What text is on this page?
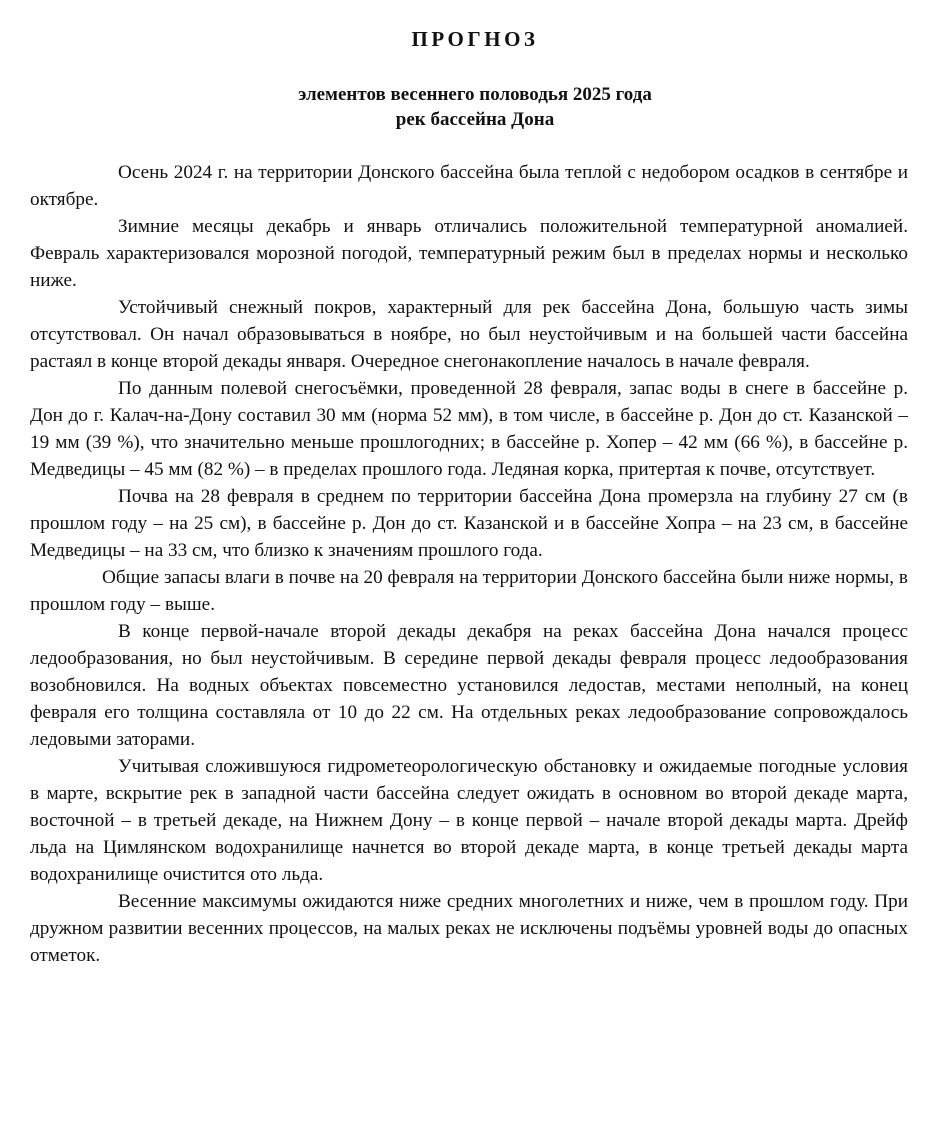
ПРОГНОЗ
элементов весеннего половодья 2025 года
рек бассейна Дона

Осень 2024 г. на территории Донского бассейна была теплой с недобором осадков в сентябре и октябре.

Зимние месяцы декабрь и январь отличались положительной температурной аномалией. Февраль характеризовался морозной погодой, температурный режим был в пределах нормы и несколько ниже.

Устойчивый снежный покров, характерный для рек бассейна Дона, большую часть зимы отсутствовал. Он начал образовываться в ноябре, но был неустойчивым и на большей части бассейна растаял в конце второй декады января. Очередное снегонакопление началось в начале февраля.

По данным полевой снегосъёмки, проведенной 28 февраля, запас воды в снеге в бассейне р. Дон до г. Калач-на-Дону составил 30 мм (норма 52 мм), в том числе, в бассейне р. Дон до ст. Казанской – 19 мм (39 %), что значительно меньше прошлогодних; в бассейне р. Хопер – 42 мм (66 %), в бассейне р. Медведицы – 45 мм (82 %) – в пределах прошлого года. Ледяная корка, притертая к почве, отсутствует.

Почва на 28 февраля в среднем по территории бассейна Дона промерзла на глубину 27 см (в прошлом году – на 25 см), в бассейне р. Дон до ст. Казанской и в бассейне Хопра – на 23 см, в бассейне Медведицы – на 33 см, что близко к значениям прошлого года.

Общие запасы влаги в почве на 20 февраля на территории Донского бассейна были ниже нормы, в прошлом году – выше.

В конце первой-начале второй декады декабря на реках бассейна Дона начался процесс ледообразования, но был неустойчивым. В середине первой декады февраля процесс ледообразования возобновился. На водных объектах повсеместно установился ледостав, местами неполный, на конец февраля его толщина составляла от 10 до 22 см. На отдельных реках ледообразование сопровождалось ледовыми заторами.

Учитывая сложившуюся гидрометеорологическую обстановку и ожидаемые погодные условия в марте, вскрытие рек в западной части бассейна следует ожидать в основном во второй декаде марта, восточной – в третьей декаде, на Нижнем Дону – в конце первой – начале второй декады марта. Дрейф льда на Цимлянском водохранилище начнется во второй декаде марта, в конце третьей декады марта водохранилище очистится ото льда.

Весенние максимумы ожидаются ниже средних многолетних и ниже, чем в прошлом году. При дружном развитии весенних процессов, на малых реках не исключены подъёмы уровней воды до опасных отметок.
